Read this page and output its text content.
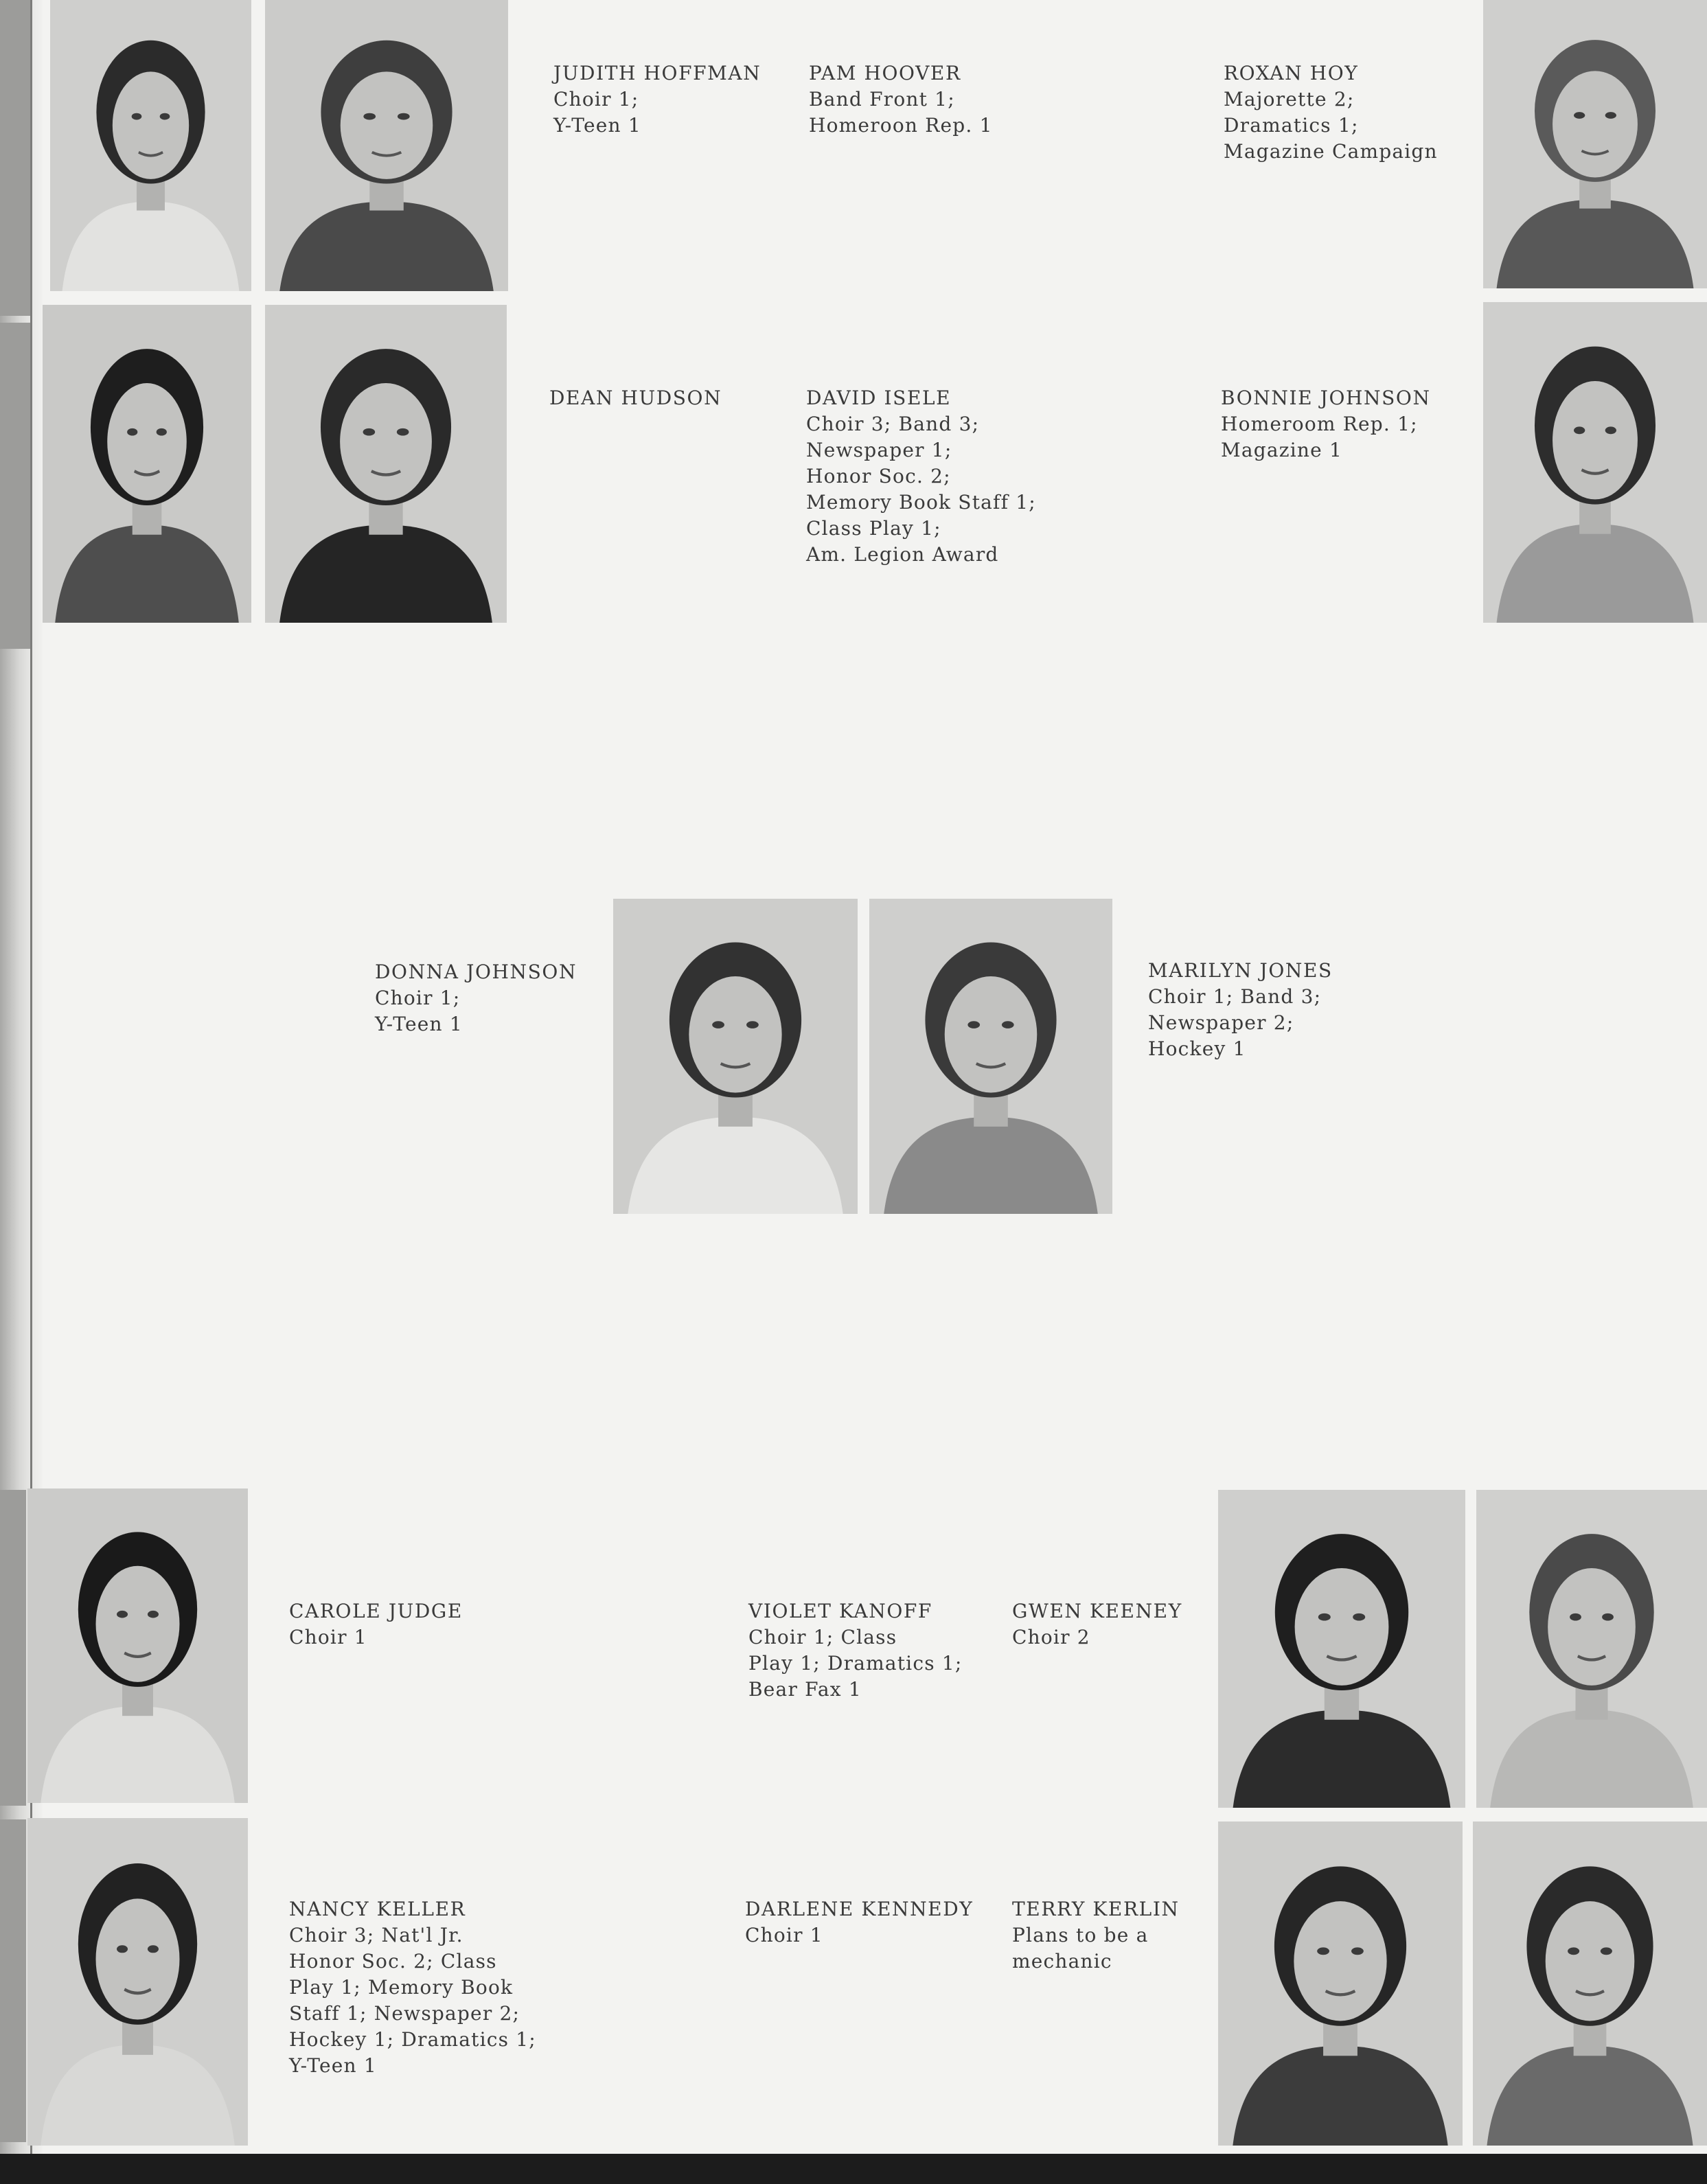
JUDITH HOFFMAN
Choir 1;
Y-Teen 1
PAM HOOVER
Band Front 1;
Homeroon Rep. 1
ROXAN HOY
Majorette 2;
Dramatics 1;
Magazine Campaign
DEAN HUDSON	DAVID ISELE
Choir 3; Band 3;
Newspaper 1;
Honor Soc. 2;
Memory Book Staff 1;
Class Play 1;
Am. Legion Award
BONNIE JOHNSON
Homeroom Rep. 1;
Magazine 1
DONNA JOHNSON
Choir 1;
Y-Teen 1
MARILYN JONES
Choir 1; Band 3;
Newspaper 2;
Hockey 1
CAROLE JUDGE
Choir 1
VIOLET KANOFF
Choir 1; Class
Play 1; Dramatics 1;
Bear Fax 1
GWEN KEENEY
Choir 2
NANCY KELLER
Choir 3; Nat'l Jr.
Honor Soc. 2; Class
Play 1; Memory Book
Staff 1; Newspaper 2;
Hockey 1; Dramatics 1;
Y-Teen 1
DARLENE KENNEDY
Choir 1
TERRY KERLIN
Plans to be a
mechanic
